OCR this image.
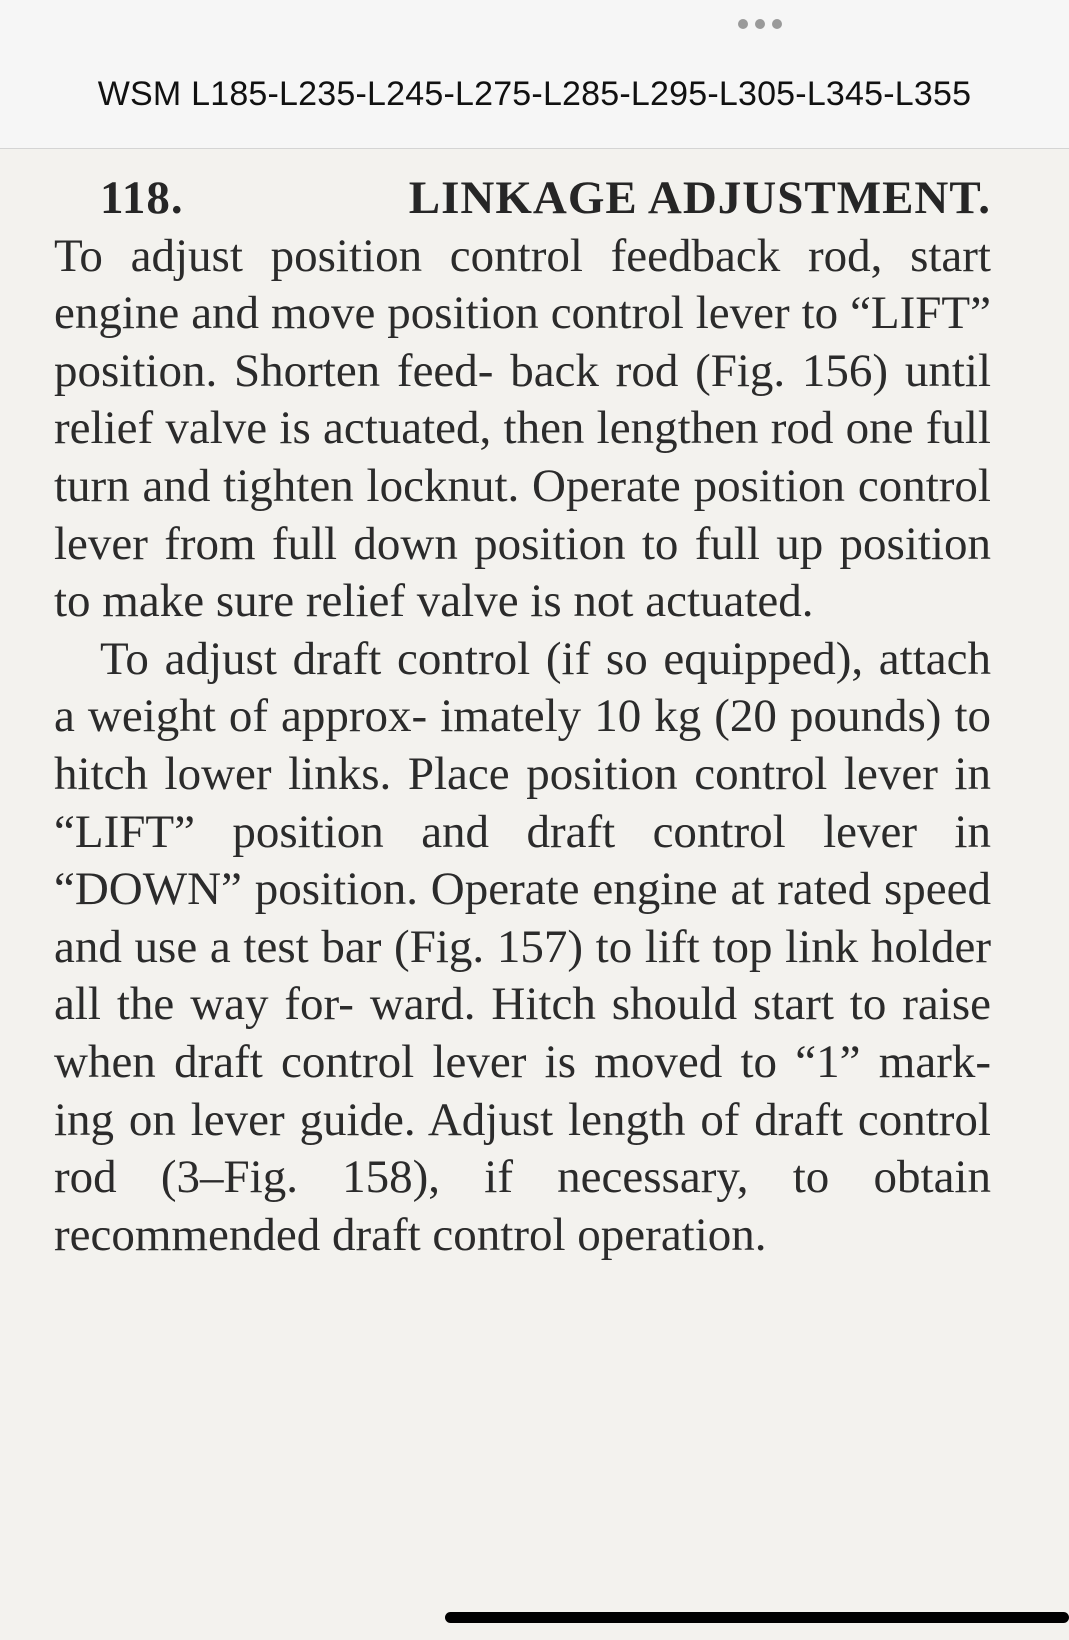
WSM L185-L235-L245-L275-L285-L295-L305-L345-L355

118.	LINKAGE ADJUSTMENT.

To adjust position control feedback rod, start engine and move position control lever to “LIFT” position. Shorten feed- back rod (Fig. 156) until relief valve is actuated, then lengthen rod one full turn and tighten locknut. Operate position control lever from full down position to full up position to make sure relief valve is not actuated.

To adjust draft control (if so equipped), attach a weight of approx- imately 10 kg (20 pounds) to hitch lower links. Place position control lever in “LIFT” position and draft control lever in “DOWN” position. Operate engine at rated speed and use a test bar (Fig. 157) to lift top link holder all the way for- ward. Hitch should start to raise when draft control lever is moved to “1” mark- ing on lever guide. Adjust length of draft control rod (3–Fig. 158), if necessary, to obtain recommended draft control operation.
